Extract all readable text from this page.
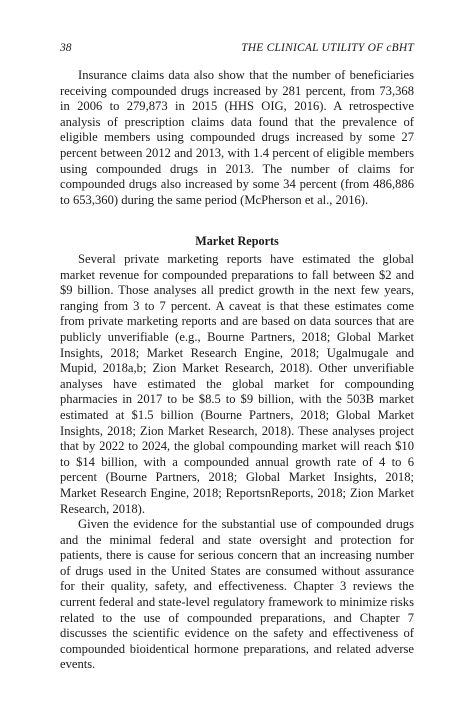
38	THE CLINICAL UTILITY OF cBHT

Insurance claims data also show that the number of beneficiaries receiving compounded drugs increased by 281 percent, from 73,368 in 2006 to 279,873 in 2015 (HHS OIG, 2016). A retrospective analysis of prescription claims data found that the prevalence of eligible members using compounded drugs increased by some 27 percent between 2012 and 2013, with 1.4 percent of eligible members using compounded drugs in 2013. The number of claims for compounded drugs also increased by some 34 percent (from 486,886 to 653,360) during the same period (McPherson et al., 2016).

Market Reports

Several private marketing reports have estimated the global market revenue for compounded preparations to fall between $2 and $9 billion. Those analyses all predict growth in the next few years, ranging from 3 to 7 percent. A caveat is that these estimates come from private marketing reports and are based on data sources that are publicly unverifiable (e.g., Bourne Partners, 2018; Global Market Insights, 2018; Market Research Engine, 2018; Ugalmugale and Mupid, 2018a,b; Zion Market Research, 2018). Other unverifiable analyses have estimated the global market for compounding pharmacies in 2017 to be $8.5 to $9 billion, with the 503B market estimated at $1.5 billion (Bourne Partners, 2018; Global Market Insights, 2018; Zion Market Research, 2018). These analyses project that by 2022 to 2024, the global compounding market will reach $10 to $14 billion, with a compounded annual growth rate of 4 to 6 percent (Bourne Partners, 2018; Global Market Insights, 2018; Market Research Engine, 2018; ReportsnReports, 2018; Zion Market Research, 2018).

Given the evidence for the substantial use of compounded drugs and the minimal federal and state oversight and protection for patients, there is cause for serious concern that an increasing number of drugs used in the United States are consumed without assurance for their quality, safety, and effectiveness. Chapter 3 reviews the current federal and state-level regulatory framework to minimize risks related to the use of compounded preparations, and Chapter 7 discusses the scientific evidence on the safety and effectiveness of compounded bioidentical hormone preparations, and related adverse events.
